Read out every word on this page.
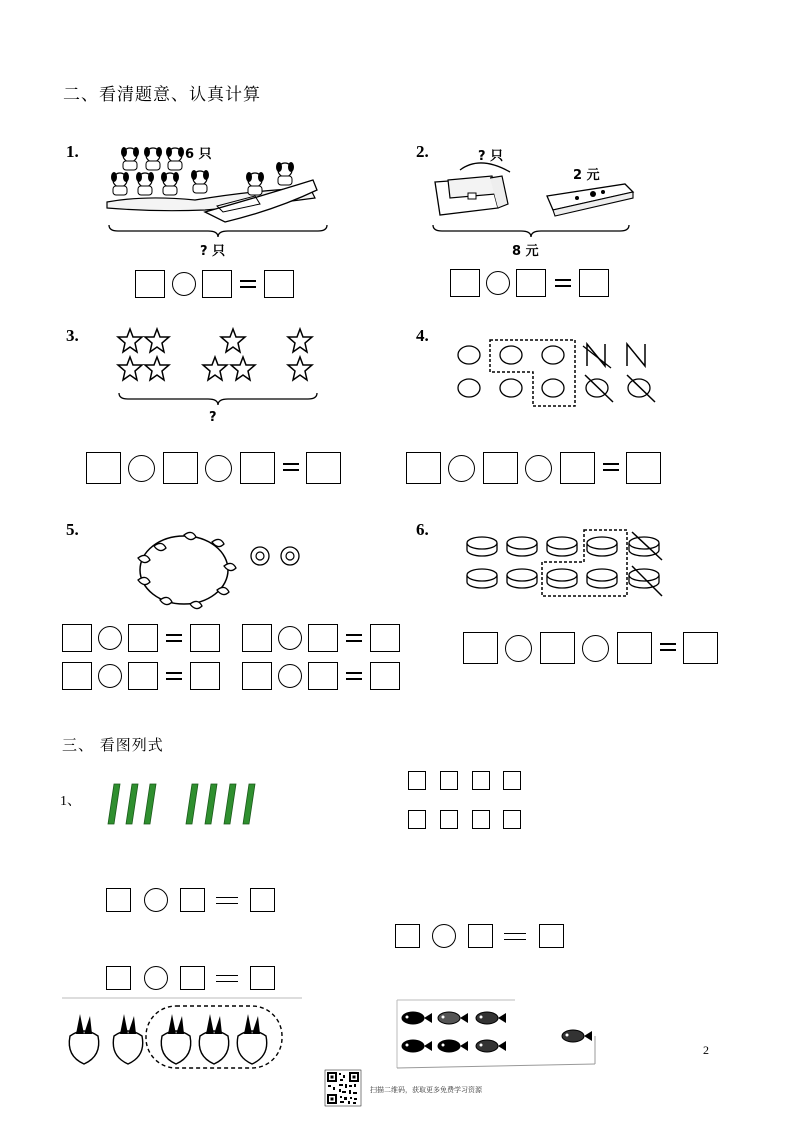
二、看清题意、认真计算
1.	6 只
? 只
2.	? 只
2 元
8 元
3.
?
4.
5.	6.
三、 看图列式
1、
2
扫描二维码，获取更多免费学习资源
